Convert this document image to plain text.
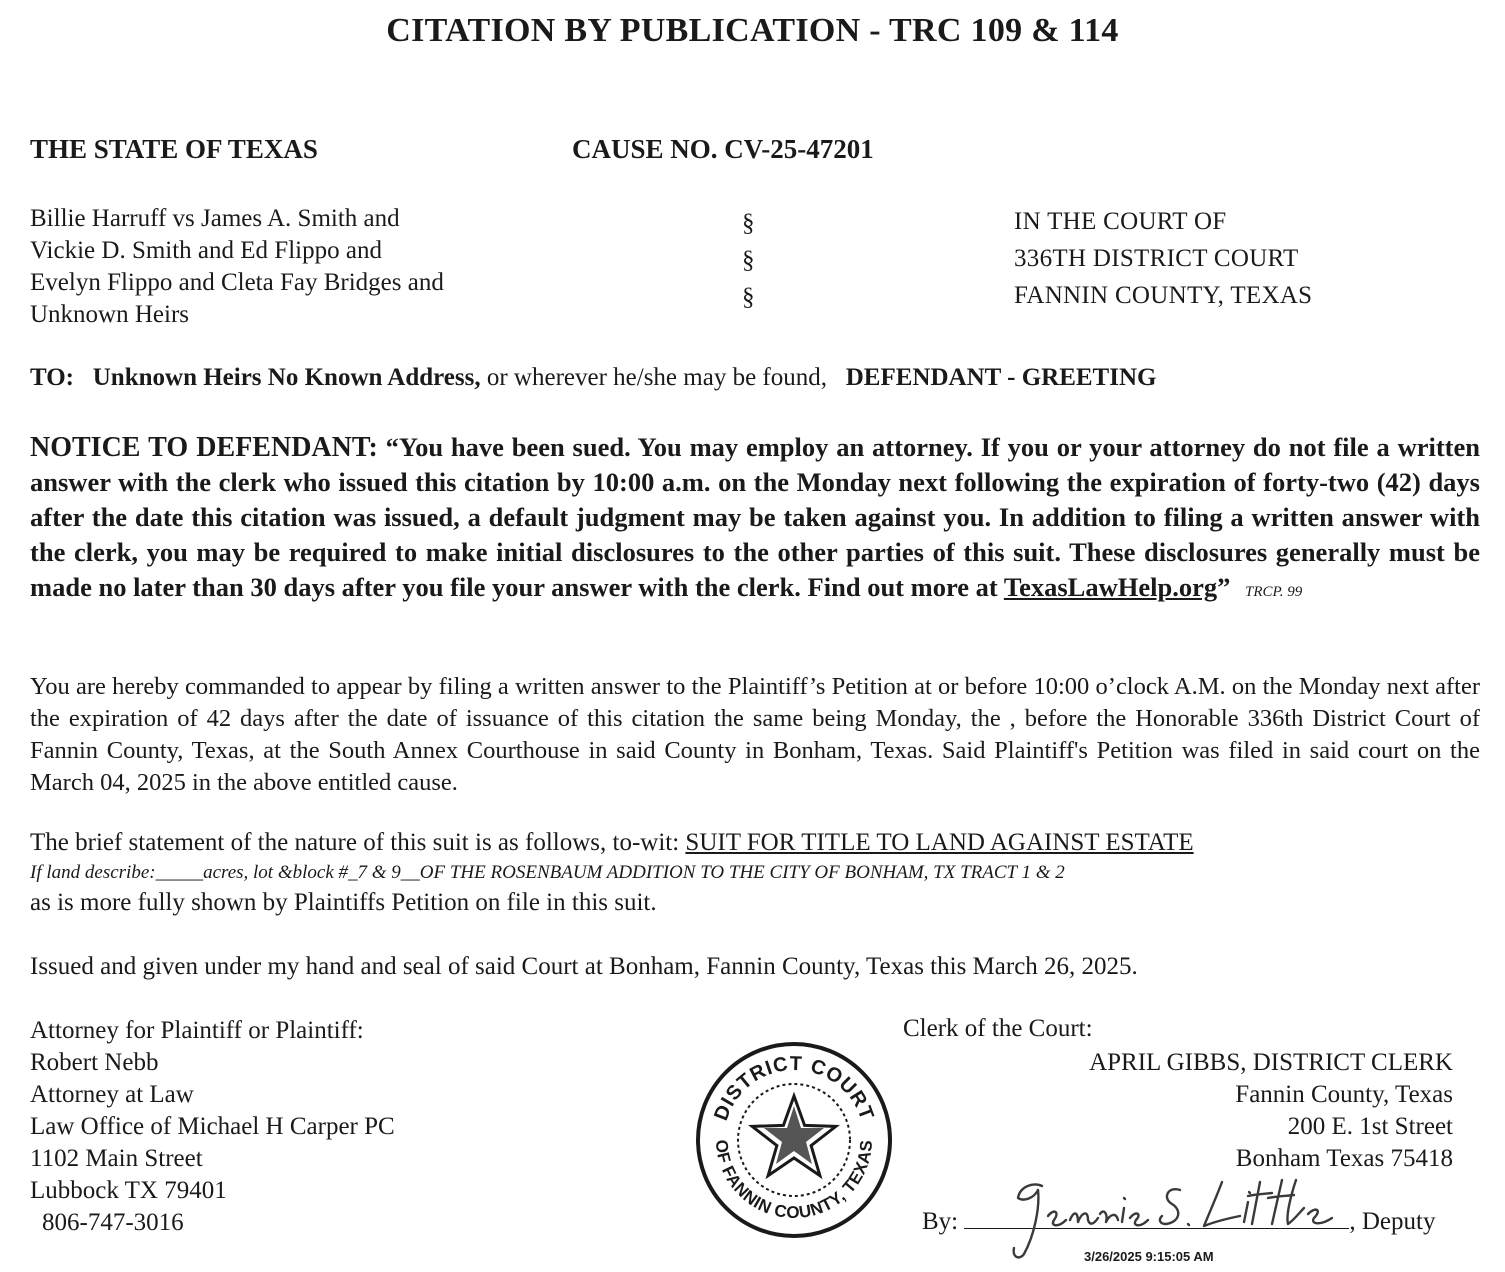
CITATION BY PUBLICATION - TRC 109 & 114
THE STATE OF TEXAS	CAUSE NO. CV-25-47201
Billie Harruff vs James A. Smith and
Vickie D. Smith and Ed Flippo and
Evelyn Flippo and Cleta Fay Bridges and
Unknown Heirs
§
§
§
IN THE COURT OF
336TH DISTRICT COURT
FANNIN COUNTY, TEXAS
TO: Unknown Heirs No Known Address, or wherever he/she may be found, DEFENDANT - GREETING
NOTICE TO DEFENDANT: “You have been sued. You may employ an attorney. If you or your attorney do not file a written answer with the clerk who issued this citation by 10:00 a.m. on the Monday next following the expiration of forty-two (42) days after the date this citation was issued, a default judgment may be taken against you. In addition to filing a written answer with the clerk, you may be required to make initial disclosures to the other parties of this suit. These disclosures generally must be made no later than 30 days after you file your answer with the clerk. Find out more at TexasLawHelp.org” TRCP. 99
You are hereby commanded to appear by filing a written answer to the Plaintiff’s Petition at or before 10:00 o’clock A.M. on the Monday next after the expiration of 42 days after the date of issuance of this citation the same being Monday, the , before the Honorable 336th District Court of Fannin County, Texas, at the South Annex Courthouse in said County in Bonham, Texas. Said Plaintiff's Petition was filed in said court on the March 04, 2025 in the above entitled cause.
The brief statement of the nature of this suit is as follows, to-wit: SUIT FOR TITLE TO LAND AGAINST ESTATE
If land describe:_____acres, lot &block #_7 & 9__OF THE ROSENBAUM ADDITION TO THE CITY OF BONHAM, TX TRACT 1 & 2
as is more fully shown by Plaintiffs Petition on file in this suit.
Issued and given under my hand and seal of said Court at Bonham, Fannin County, Texas this March 26, 2025.
Attorney for Plaintiff or Plaintiff:
Robert Nebb
Attorney at Law
Law Office of Michael H Carper PC
1102 Main Street
Lubbock TX 79401
806-747-3016
DISTRICT COURT
OF FANNIN COUNTY, TEXAS
Clerk of the Court:
APRIL GIBBS, DISTRICT CLERK
Fannin County, Texas
200 E. 1st Street
Bonham Texas 75418
By:	, Deputy
3/26/2025 9:15:05 AM
